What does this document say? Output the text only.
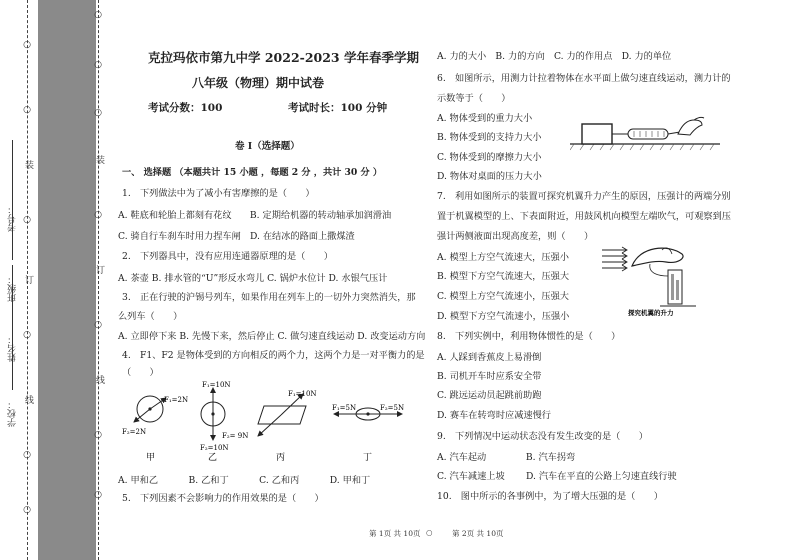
○
○
装
○
订
○
线
○
○
学校：
姓名：
班级：
考号：
○
○
○
装
○
订
○
线
○
○
克拉玛依市第九中学 2022-2023 学年春季学期
八年级（物理）期中试卷
考试分数：100	考试时长：100 分钟
卷 I（选择题）
一、 选择题 （本题共计 15 小题 ，每题 2 分 ，共计 30 分 ）
1.　下列做法中为了减小有害摩擦的是（　　）
A. 鞋底和轮胎上都刻有花纹　　B. 定期给机器的转动轴承加润滑油
C. 骑自行车刹车时用力捏车闸　D. 在结冰的路面上撒煤渣
2.　下列器具中，没有应用连通器原理的是（　　）
A. 茶壶 B. 排水管的“U”形反水弯儿 C. 锅炉水位计 D. 水银气压计
3.　正在行驶的沪锡号列车，如果作用在列车上的一切外力突然消失，那
么列车（　　）
A. 立即停下来 B. 先慢下来，然后停止 C. 做匀速直线运动 D. 改变运动方向
4.　F1、F2 是物体受到的方向相反的两个力，这两个力是一对平衡力的是
（　　）
F₁=2N
F₂=2N
F₁=10N
F₂=10N
F₁=10N
F₂= 9N
F₁=5N	F₂=5N
甲	乙	丙	丁
A. 甲和乙　　　 B. 乙和丁　　　 C. 乙和丙　　　 D. 甲和丁
5.　下列因素不会影响力的作用效果的是（　　）
A. 力的大小　B. 力的方向　C. 力的作用点　D. 力的单位
6.　如图所示，用测力计拉着物体在水平面上做匀速直线运动，测力计的
示数等于（　　）
A. 物体受到的重力大小
B. 物体受到的支持力大小
C. 物体受到的摩擦力大小
D. 物体对桌面的压力大小
7.　利用如图所示的装置可探究机翼升力产生的原因，压强计的两端分别
置于机翼模型的上、下表面附近，用鼓风机向模型左端吹气，可观察到压
强计两侧液面出现高度差，则（　　）
A. 模型上方空气流速大，压强小
B. 模型下方空气流速大，压强大
C. 模型上方空气流速小，压强大
D. 模型下方空气流速小，压强小	探究机翼的升力
8.　下列实例中，利用物体惯性的是（　　）
A. 人踩到香蕉皮上易滑倒
B. 司机开车时应系安全带
C. 跳远运动员起跳前助跑
D. 赛车在转弯时应减速慢行
9.　下列情况中运动状态没有发生改变的是（　　）
A. 汽车起动　　　　 B. 汽车拐弯
C. 汽车减速上坡　　 D. 汽车在平直的公路上匀速直线行驶
10.　图中所示的各事例中，为了增大压强的是（　　）
第 1页 共 10页 ○	第 2页 共 10页
